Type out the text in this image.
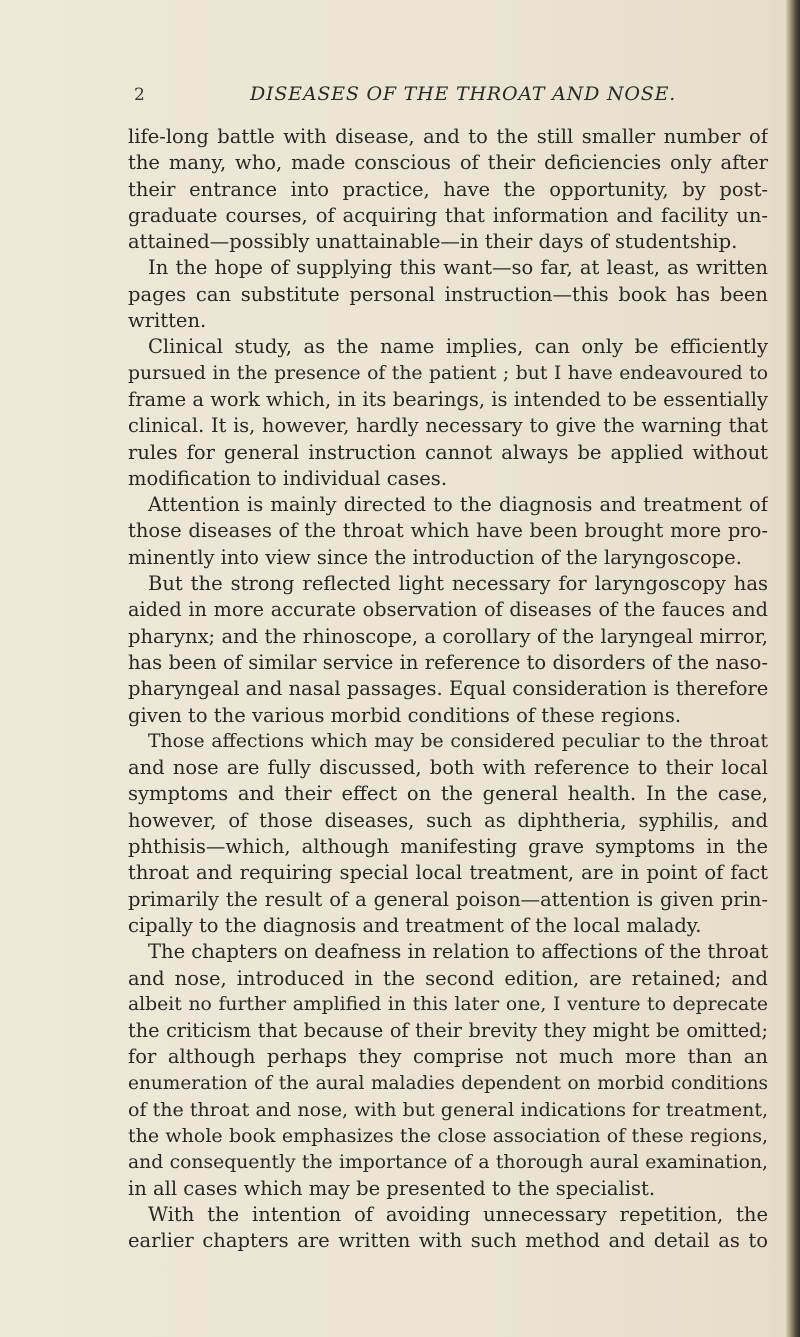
2	DISEASES OF THE THROAT AND NOSE.
life-long battle with disease, and to the still smaller number of
the many, who, made conscious of their deficiencies only after
their entrance into practice, have the opportunity, by post-
graduate courses, of acquiring that information and facility un-
attained—possibly unattainable—in their days of studentship.
In the hope of supplying this want—so far, at least, as written
pages can substitute personal instruction—this book has been
written.
Clinical study, as the name implies, can only be efficiently
pursued in the presence of the patient ; but I have endeavoured to
frame a work which, in its bearings, is intended to be essentially
clinical. It is, however, hardly necessary to give the warning that
rules for general instruction cannot always be applied without
modification to individual cases.
Attention is mainly directed to the diagnosis and treatment of
those diseases of the throat which have been brought more pro-
minently into view since the introduction of the laryngoscope.
But the strong reflected light necessary for laryngoscopy has
aided in more accurate observation of diseases of the fauces and
pharynx; and the rhinoscope, a corollary of the laryngeal mirror,
has been of similar service in reference to disorders of the naso-
pharyngeal and nasal passages. Equal consideration is therefore
given to the various morbid conditions of these regions.
Those affections which may be considered peculiar to the throat
and nose are fully discussed, both with reference to their local
symptoms and their effect on the general health. In the case,
however, of those diseases, such as diphtheria, syphilis, and
phthisis—which, although manifesting grave symptoms in the
throat and requiring special local treatment, are in point of fact
primarily the result of a general poison—attention is given prin-
cipally to the diagnosis and treatment of the local malady.
The chapters on deafness in relation to affections of the throat
and nose, introduced in the second edition, are retained; and
albeit no further amplified in this later one, I venture to deprecate
the criticism that because of their brevity they might be omitted;
for although perhaps they comprise not much more than an
enumeration of the aural maladies dependent on morbid conditions
of the throat and nose, with but general indications for treatment,
the whole book emphasizes the close association of these regions,
and consequently the importance of a thorough aural examination,
in all cases which may be presented to the specialist.
With the intention of avoiding unnecessary repetition, the
earlier chapters are written with such method and detail as to
